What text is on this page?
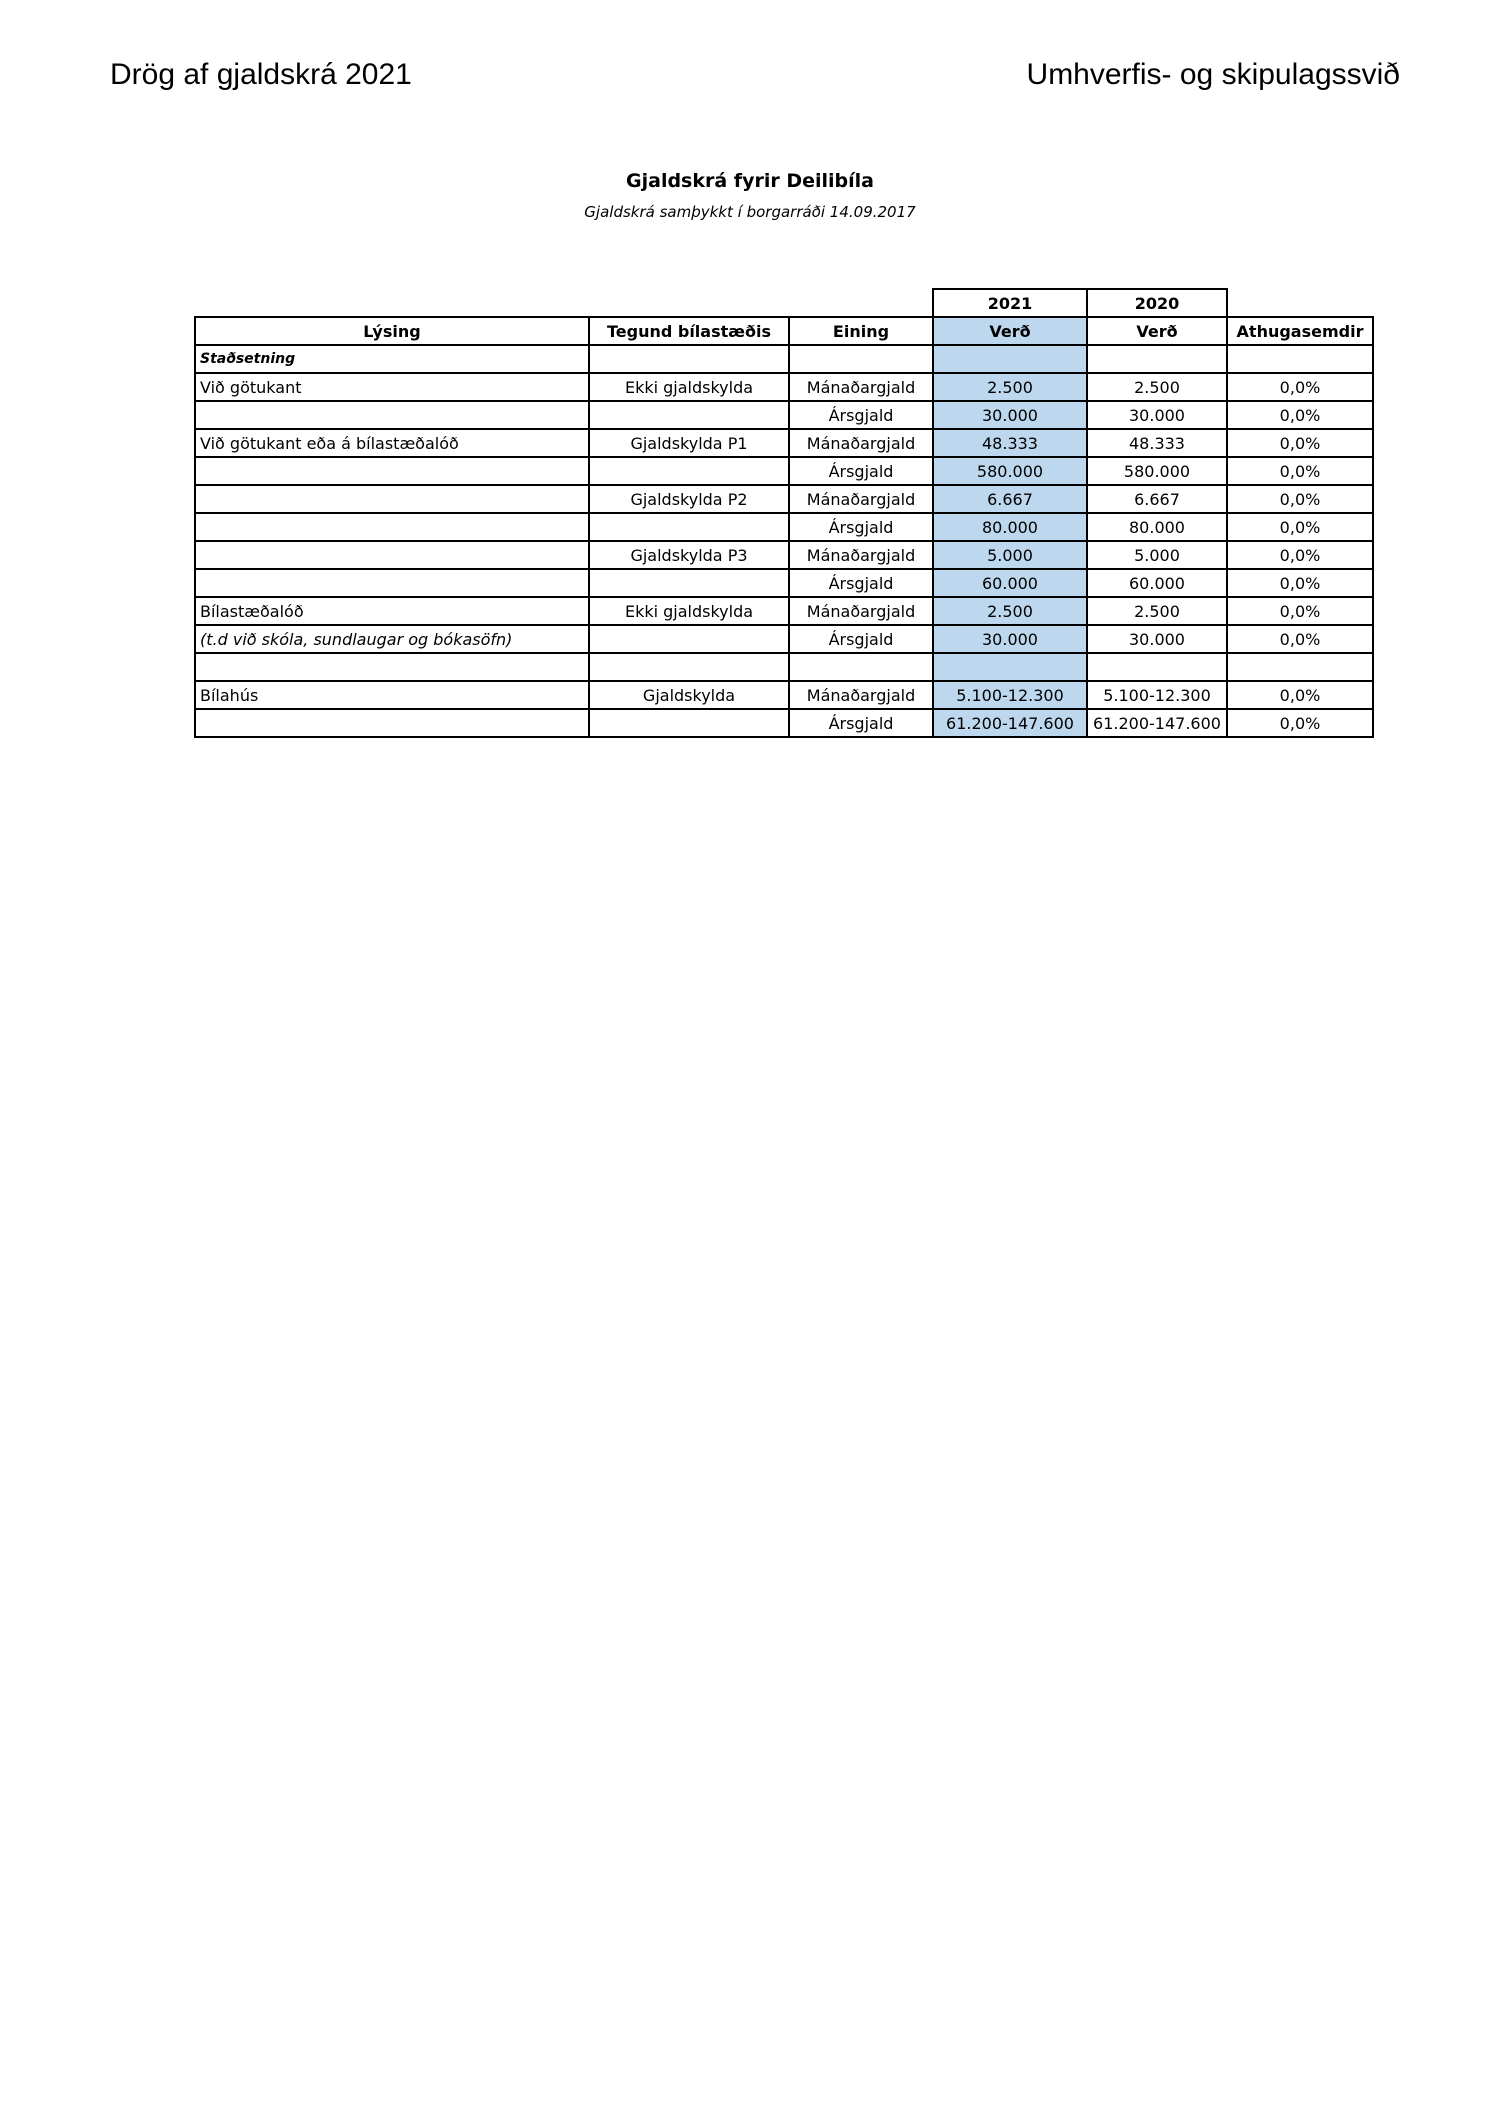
Drög af gjaldskrá 2021	Umhverfis- og skipulagssvið
Gjaldskrá fyrir Deilibíla
Gjaldskrá samþykkt í borgarráði 14.09.2017
			2021	2020	
Lýsing	Tegund bílastæðis	Eining	Verð	Verð	Athugasemdir
Staðsetning					
Við götukant	Ekki gjaldskylda	Mánaðargjald	2.500	2.500	0,0%
		Ársgjald	30.000	30.000	0,0%
Við götukant eða á bílastæðalóð	Gjaldskylda P1	Mánaðargjald	48.333	48.333	0,0%
		Ársgjald	580.000	580.000	0,0%
	Gjaldskylda P2	Mánaðargjald	6.667	6.667	0,0%
		Ársgjald	80.000	80.000	0,0%
	Gjaldskylda P3	Mánaðargjald	5.000	5.000	0,0%
		Ársgjald	60.000	60.000	0,0%
Bílastæðalóð	Ekki gjaldskylda	Mánaðargjald	2.500	2.500	0,0%
(t.d við skóla, sundlaugar og bókasöfn)		Ársgjald	30.000	30.000	0,0%

Bílahús	Gjaldskylda	Mánaðargjald	5.100-12.300	5.100-12.300	0,0%
		Ársgjald	61.200-147.600	61.200-147.600	0,0%
